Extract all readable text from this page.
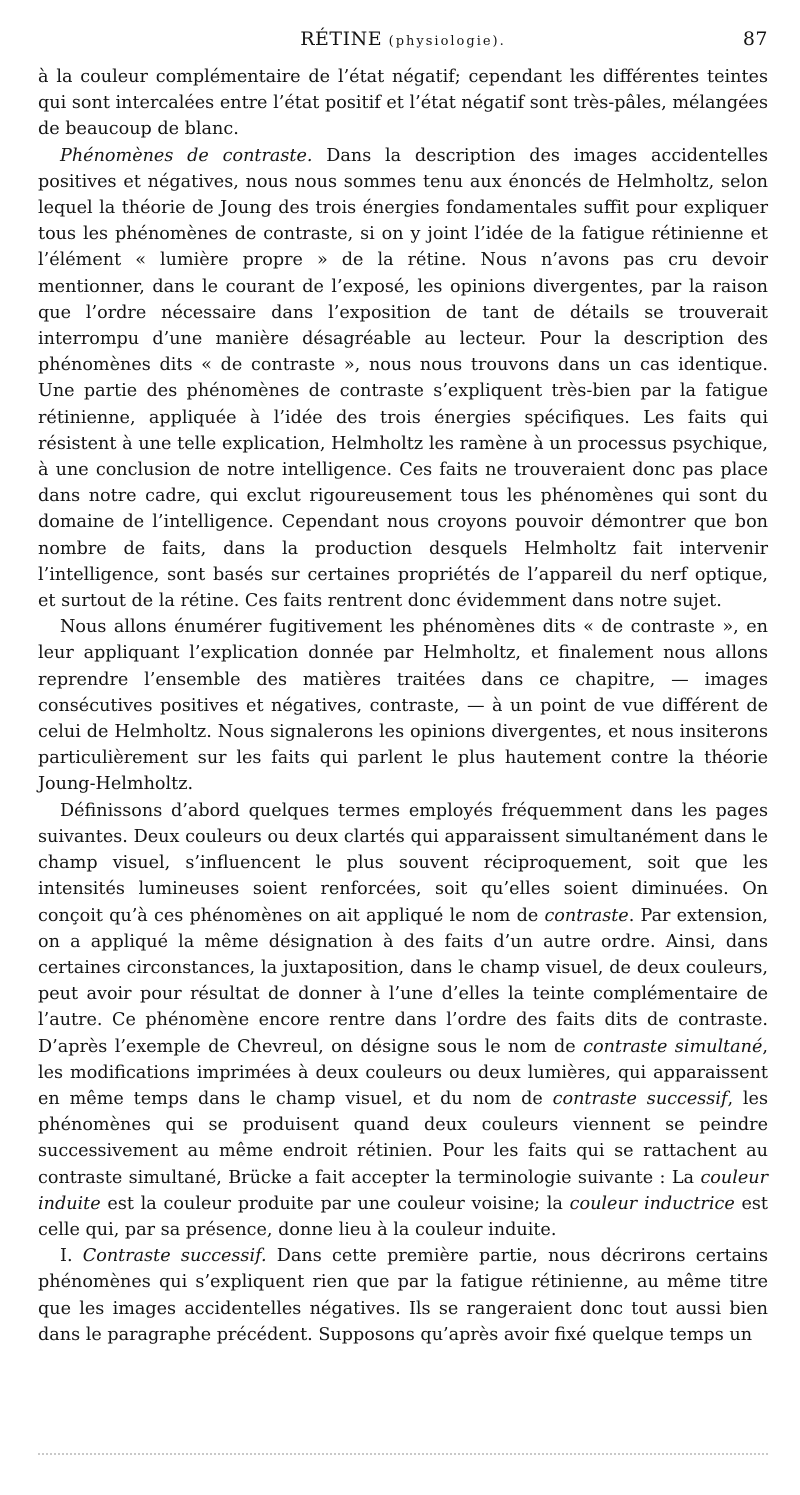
RÉTINE (physiologie).	87

à la couleur complémentaire de l’état négatif; cependant les différentes teintes qui sont intercalées entre l’état positif et l’état négatif sont très-pâles, mélangées de beaucoup de blanc.

Phénomènes de contraste. Dans la description des images accidentelles positives et négatives, nous nous sommes tenu aux énoncés de Helmholtz, selon lequel la théorie de Joung des trois énergies fondamentales suffit pour expliquer tous les phénomènes de contraste, si on y joint l’idée de la fatigue rétinienne et l’élément « lumière propre » de la rétine. Nous n’avons pas cru devoir mentionner, dans le courant de l’exposé, les opinions divergentes, par la raison que l’ordre nécessaire dans l’exposition de tant de détails se trouverait interrompu d’une manière désagréable au lecteur. Pour la description des phénomènes dits « de contraste », nous nous trouvons dans un cas identique. Une partie des phénomènes de contraste s’expliquent très-bien par la fatigue rétinienne, appliquée à l’idée des trois énergies spécifiques. Les faits qui résistent à une telle explication, Helmholtz les ramène à un processus psychique, à une conclusion de notre intelligence. Ces faits ne trouveraient donc pas place dans notre cadre, qui exclut rigoureusement tous les phénomènes qui sont du domaine de l’intelligence. Cependant nous croyons pouvoir démontrer que bon nombre de faits, dans la production desquels Helmholtz fait intervenir l’intelligence, sont basés sur certaines propriétés de l’appareil du nerf optique, et surtout de la rétine. Ces faits rentrent donc évidemment dans notre sujet.

Nous allons énumérer fugitivement les phénomènes dits « de contraste », en leur appliquant l’explication donnée par Helmholtz, et finalement nous allons reprendre l’ensemble des matières traitées dans ce chapitre, — images consécutives positives et négatives, contraste, — à un point de vue différent de celui de Helmholtz. Nous signalerons les opinions divergentes, et nous insiterons particulièrement sur les faits qui parlent le plus hautement contre la théorie Joung-Helmholtz.

Définissons d’abord quelques termes employés fréquemment dans les pages suivantes. Deux couleurs ou deux clartés qui apparaissent simultanément dans le champ visuel, s’influencent le plus souvent réciproquement, soit que les intensités lumineuses soient renforcées, soit qu’elles soient diminuées. On conçoit qu’à ces phénomènes on ait appliqué le nom de contraste. Par extension, on a appliqué la même désignation à des faits d’un autre ordre. Ainsi, dans certaines circonstances, la juxtaposition, dans le champ visuel, de deux couleurs, peut avoir pour résultat de donner à l’une d’elles la teinte complémentaire de l’autre. Ce phénomène encore rentre dans l’ordre des faits dits de contraste. D’après l’exemple de Chevreul, on désigne sous le nom de contraste simultané, les modifications imprimées à deux couleurs ou deux lumières, qui apparaissent en même temps dans le champ visuel, et du nom de contraste successif, les phénomènes qui se produisent quand deux couleurs viennent se peindre successivement au même endroit rétinien. Pour les faits qui se rattachent au contraste simultané, Brücke a fait accepter la terminologie suivante : La couleur induite est la couleur produite par une couleur voisine; la couleur inductrice est celle qui, par sa présence, donne lieu à la couleur induite.

I. Contraste successif. Dans cette première partie, nous décrirons certains phénomènes qui s’expliquent rien que par la fatigue rétinienne, au même titre que les images accidentelles négatives. Ils se rangeraient donc tout aussi bien dans le paragraphe précédent. Supposons qu’après avoir fixé quelque temps un
